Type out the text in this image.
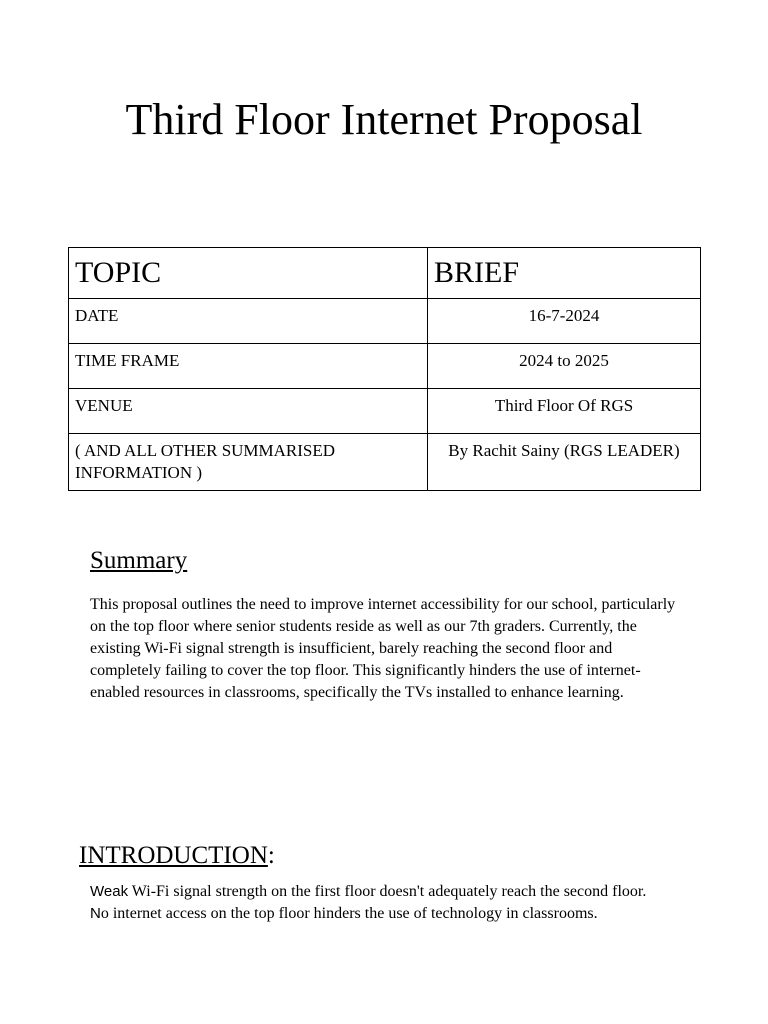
Third Floor Internet Proposal
TOPIC	BRIEF
DATE	16-7-2024
TIME FRAME	2024 to 2025
VENUE	Third Floor Of RGS
( AND ALL OTHER SUMMARISED INFORMATION )	By Rachit Sainy (RGS LEADER)
Summary

This proposal outlines the need to improve internet accessibility for our school, particularly on the top floor where senior students reside as well as our 7th graders. Currently, the existing Wi-Fi signal strength is insufficient, barely reaching the second floor and completely failing to cover the top floor. This significantly hinders the use of internet-enabled resources in classrooms, specifically the TVs installed to enhance learning.

INTRODUCTION:

Weak Wi-Fi signal strength on the first floor doesn't adequately reach the second floor.
No internet access on the top floor hinders the use of technology in classrooms.
